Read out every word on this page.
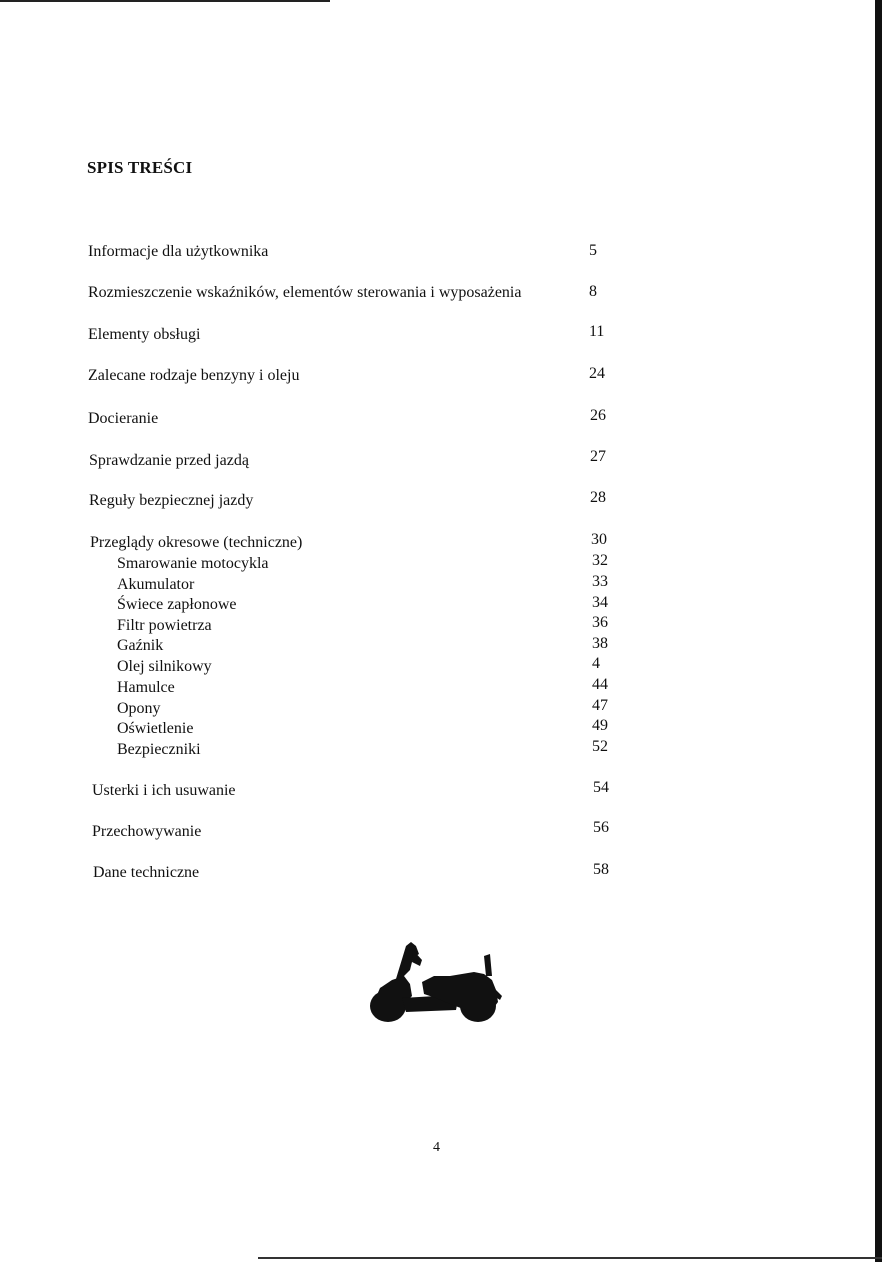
SPIS TREŚCI
Informacje dla użytkownika	5
Rozmieszczenie wskaźników, elementów sterowania i wyposażenia	8
Elementy obsługi	11
Zalecane rodzaje benzyny i oleju	24
Docieranie	26
Sprawdzanie przed jazdą	27
Reguły bezpiecznej jazdy	28
Przeglądy okresowe (techniczne)	30
Smarowanie motocykla	32
Akumulator	33
Świece zapłonowe	34
Filtr powietrza	36
Gaźnik	38
Olej silnikowy	4
Hamulce	44
Opony	47
Oświetlenie	49
Bezpieczniki	52
Usterki i ich usuwanie	54
Przechowywanie	56
Dane techniczne	58
4
